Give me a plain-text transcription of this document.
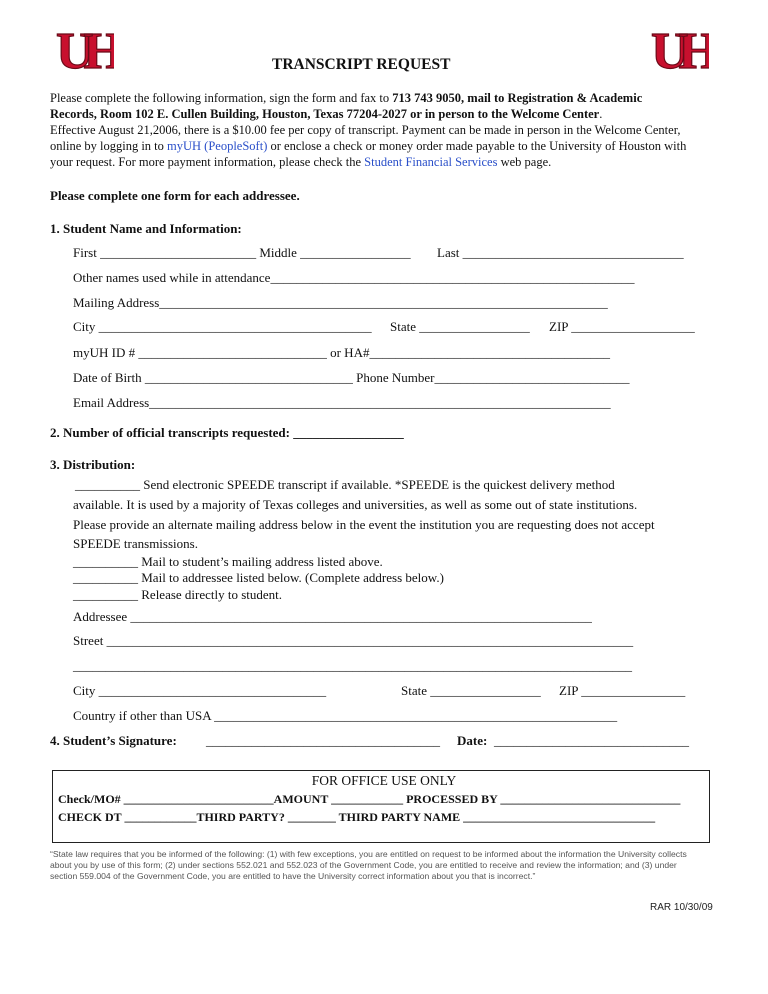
UH	UH
TRANSCRIPT REQUEST
Please complete the following information, sign the form and fax to 713 743 9050, mail to Registration & Academic
Records, Room 102 E. Cullen Building, Houston, Texas 77204-2027 or in person to the Welcome Center.
Effective August 21,2006, there is a $10.00 fee per copy of transcript. Payment can be made in person in the Welcome Center,
online by logging in to myUH (PeopleSoft) or enclose a check or money order made payable to the University of Houston with
your request. For more payment information, please check the Student Financial Services web page.
Please complete one form for each addressee.
1. Student Name and Information:
First ________________________ Middle _________________ Last __________________________________
Other names used while in attendance________________________________________________________
Mailing Address_____________________________________________________________________
City __________________________________________ State _________________ ZIP ___________________
myUH ID # _____________________________ or HA#_____________________________________
Date of Birth ________________________________ Phone Number______________________________
Email Address_______________________________________________________________________
2. Number of official transcripts requested: _________________
3. Distribution:
__________ Send electronic SPEEDE transcript if available. *SPEEDE is the quickest delivery method
available. It is used by a majority of Texas colleges and universities, as well as some out of state institutions.
Please provide an alternate mailing address below in the event the institution you are requesting does not accept
SPEEDE transmissions.
__________ Mail to student’s mailing address listed above.
__________ Mail to addressee listed below. (Complete address below.)
__________ Release directly to student.
Addressee _______________________________________________________________________
Street _________________________________________________________________________________
______________________________________________________________________________________
City ___________________________________	State _________________ ZIP ________________
Country if other than USA ______________________________________________________________
4. Student’s Signature: ____________________________________ Date: ______________________________
FOR OFFICE USE ONLY
Check/MO# _________________________AMOUNT ____________ PROCESSED BY ______________________________
CHECK DT ____________THIRD PARTY? ________ THIRD PARTY NAME ________________________________
“State law requires that you be informed of the following: (1) with few exceptions, you are entitled on request to be informed about the information the University collects about you by use of this form; (2) under sections 552.021 and 552.023 of the Government Code, you are entitled to receive and review the information; and (3) under section 559.004 of the Government Code, you are entitled to have the University correct information about you that is incorrect.”
RAR 10/30/09
